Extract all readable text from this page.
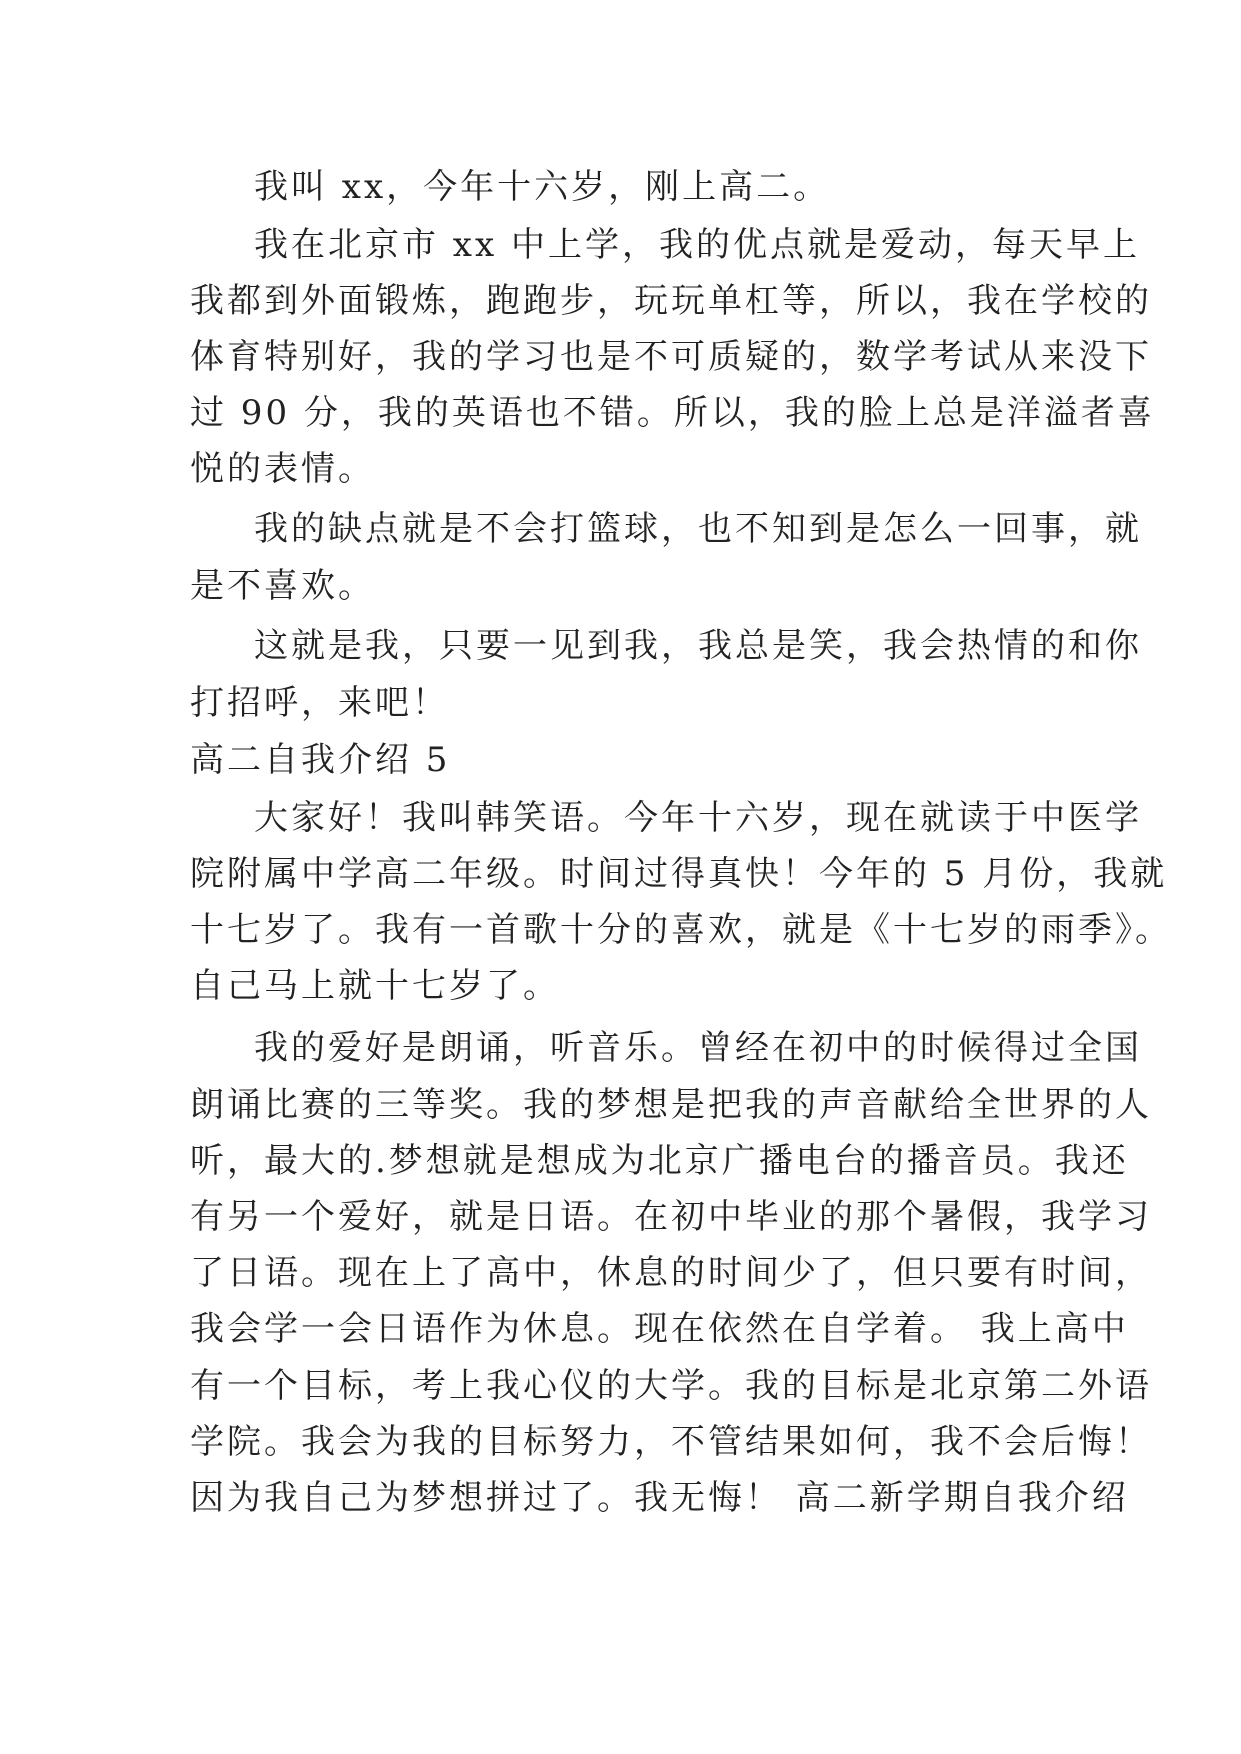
我叫 xx，今年十六岁，刚上高二。
我在北京市 xx 中上学，我的优点就是爱动，每天早上
我都到外面锻炼，跑跑步，玩玩单杠等，所以，我在学校的
体育特别好，我的学习也是不可质疑的，数学考试从来没下
过 90 分，我的英语也不错。所以，我的脸上总是洋溢者喜
悦的表情。
我的缺点就是不会打篮球，也不知到是怎么一回事，就
是不喜欢。
这就是我，只要一见到我，我总是笑，我会热情的和你
打招呼，来吧！
高二自我介绍 5
大家好！我叫韩笑语。今年十六岁，现在就读于中医学
院附属中学高二年级。时间过得真快！今年的 5 月份，我就
十七岁了。我有一首歌十分的喜欢，就是《十七岁的雨季》。
自己马上就十七岁了。
我的爱好是朗诵，听音乐。曾经在初中的时候得过全国
朗诵比赛的三等奖。我的梦想是把我的声音献给全世界的人
听，最大的.梦想就是想成为北京广播电台的播音员。我还
有另一个爱好，就是日语。在初中毕业的那个暑假，我学习
了日语。现在上了高中，休息的时间少了，但只要有时间，
我会学一会日语作为休息。现在依然在自学着。 我上高中
有一个目标，考上我心仪的大学。我的目标是北京第二外语
学院。我会为我的目标努力，不管结果如何，我不会后悔！
因为我自己为梦想拼过了。我无悔！ 高二新学期自我介绍
